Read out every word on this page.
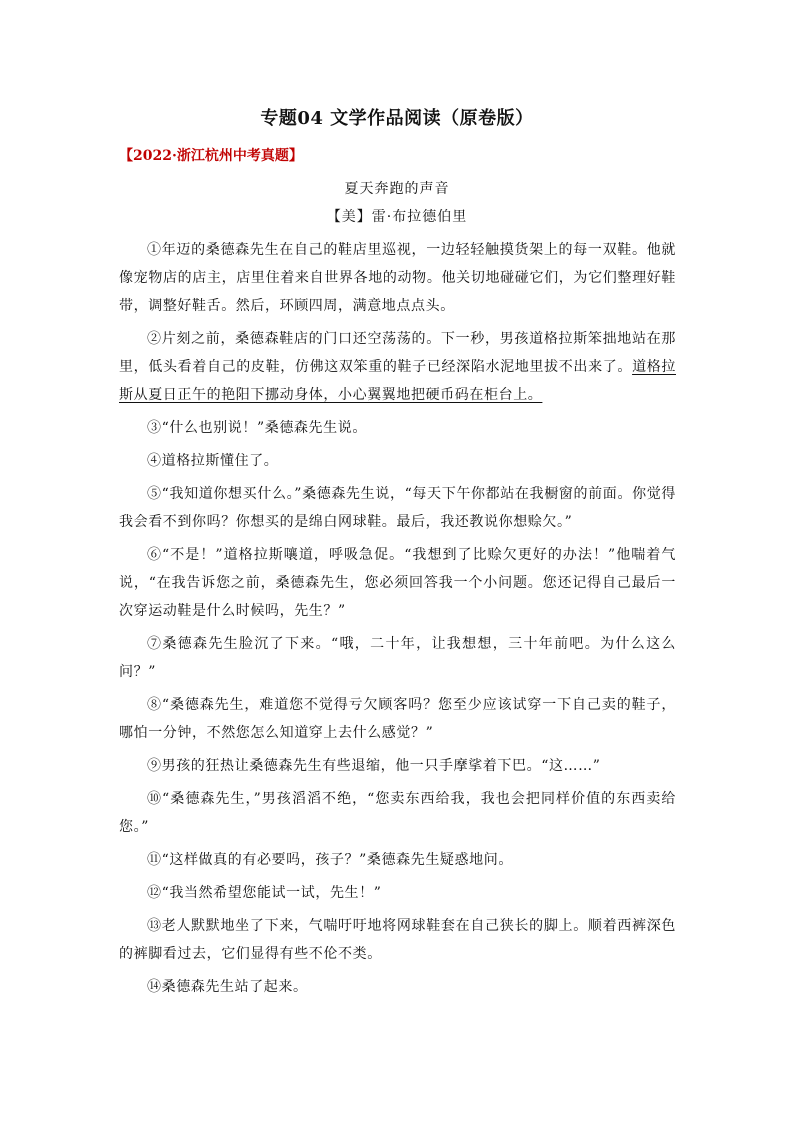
专题04 文学作品阅读（原卷版）
【2022·浙江杭州中考真题】
夏天奔跑的声音
【美】雷·布拉德伯里

①年迈的桑德森先生在自己的鞋店里巡视，一边轻轻触摸货架上的每一双鞋。他就像宠物店的店主，店里住着来自世界各地的动物。他关切地碰碰它们，为它们整理好鞋带，调整好鞋舌。然后，环顾四周，满意地点点头。

②片刻之前，桑德森鞋店的门口还空荡荡的。下一秒，男孩道格拉斯笨拙地站在那里，低头看着自己的皮鞋，仿佛这双笨重的鞋子已经深陷水泥地里拔不出来了。道格拉斯从夏日正午的艳阳下挪动身体，小心翼翼地把硬币码在柜台上。

③“什么也别说！”桑德森先生说。

④道格拉斯懂住了。

⑤“我知道你想买什么。”桑德森先生说，“每天下午你都站在我橱窗的前面。你觉得我会看不到你吗？你想买的是绵白网球鞋。最后，我还教说你想赊欠。”

⑥“不是！”道格拉斯嚷道，呼吸急促。“我想到了比赊欠更好的办法！”他喘着气说，“在我告诉您之前，桑德森先生，您必须回答我一个小问题。您还记得自己最后一次穿运动鞋是什么时候吗，先生？”

⑦桑德森先生脸沉了下来。“哦，二十年，让我想想，三十年前吧。为什么这么问？”

⑧“桑德森先生，难道您不觉得亏欠顾客吗？您至少应该试穿一下自己卖的鞋子，哪怕一分钟，不然您怎么知道穿上去什么感觉？”

⑨男孩的狂热让桑德森先生有些退缩，他一只手摩挲着下巴。“这……”

⑩“桑德森先生，”男孩滔滔不绝，“您卖东西给我，我也会把同样价值的东西卖给您。”

⑪“这样做真的有必要吗，孩子？”桑德森先生疑惑地问。

⑫“我当然希望您能试一试，先生！”

⑬老人默默地坐了下来，气喘吁吁地将网球鞋套在自己狭长的脚上。顺着西裤深色的裤脚看过去，它们显得有些不伦不类。

⑭桑德森先生站了起来。
